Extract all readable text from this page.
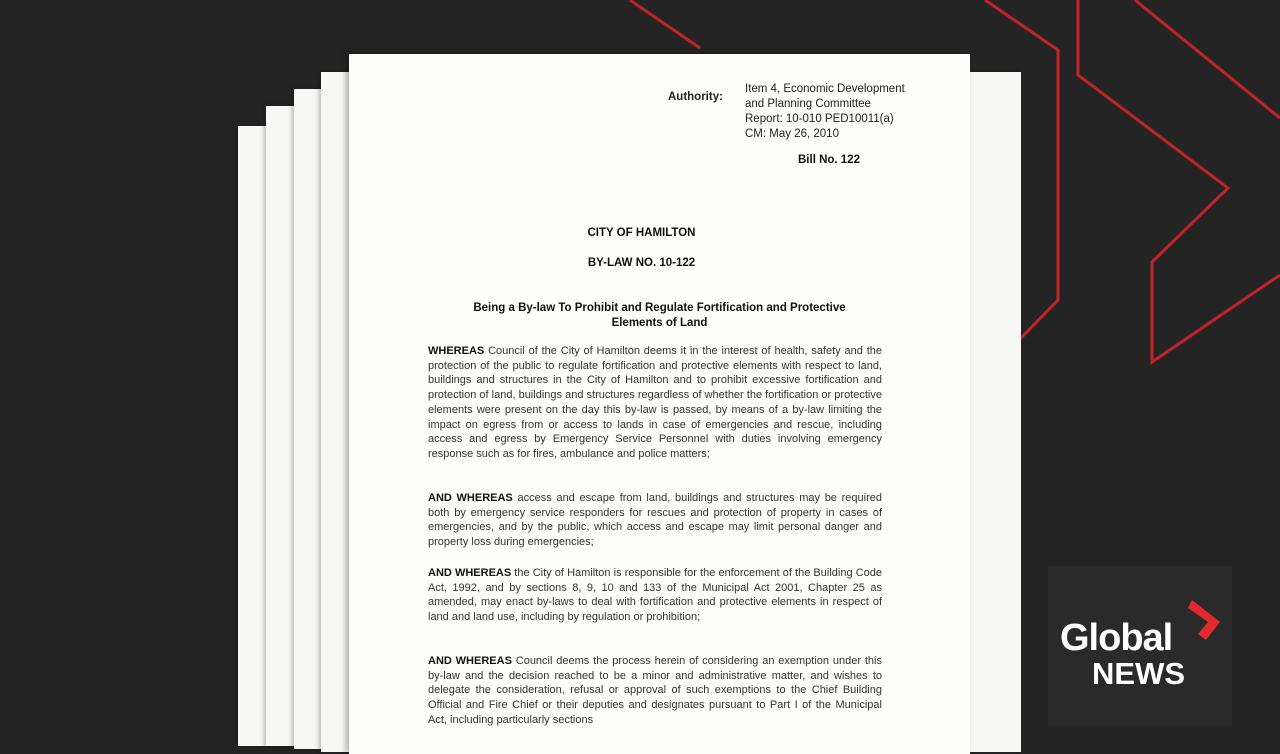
Authority:
Item 4, Economic Development
and Planning Committee
Report: 10-010 PED10011(a)
CM: May 26, 2010
Bill No. 122
CITY OF HAMILTON
BY-LAW NO. 10-122
Being a By-law To Prohibit and Regulate Fortification and Protective
Elements of Land
WHEREAS Council of the City of Hamilton deems it in the interest of health, safety and the protection of the public to regulate fortification and protective elements with respect to land, buildings and structures in the City of Hamilton and to prohibit excessive fortification and protection of land, buildings and structures regardless of whether the fortification or protective elements were present on the day this by-law is passed, by means of a by-law limiting the impact on egress from or access to lands in case of emergencies and rescue, including access and egress by Emergency Service Personnel with duties involving emergency response such as for fires, ambulance and police matters;
AND WHEREAS access and escape from land, buildings and structures may be required both by emergency service responders for rescues and protection of property in cases of emergencies, and by the public, which access and escape may limit personal danger and property loss during emergencies;
AND WHEREAS the City of Hamilton is responsible for the enforcement of the Building Code Act, 1992, and by sections 8, 9, 10 and 133 of the Municipal Act 2001, Chapter 25 as amended, may enact by-laws to deal with fortification and protective elements in respect of land and land use, including by regulation or prohibition;
AND WHEREAS Council deems the process herein of considering an exemption under this by-law and the decision reached to be a minor and administrative matter, and wishes to delegate the consideration, refusal or approval of such exemptions to the Chief Building Official and Fire Chief or their deputies and designates pursuant to Part I of the Municipal Act, including particularly sections
Global
NEWS
